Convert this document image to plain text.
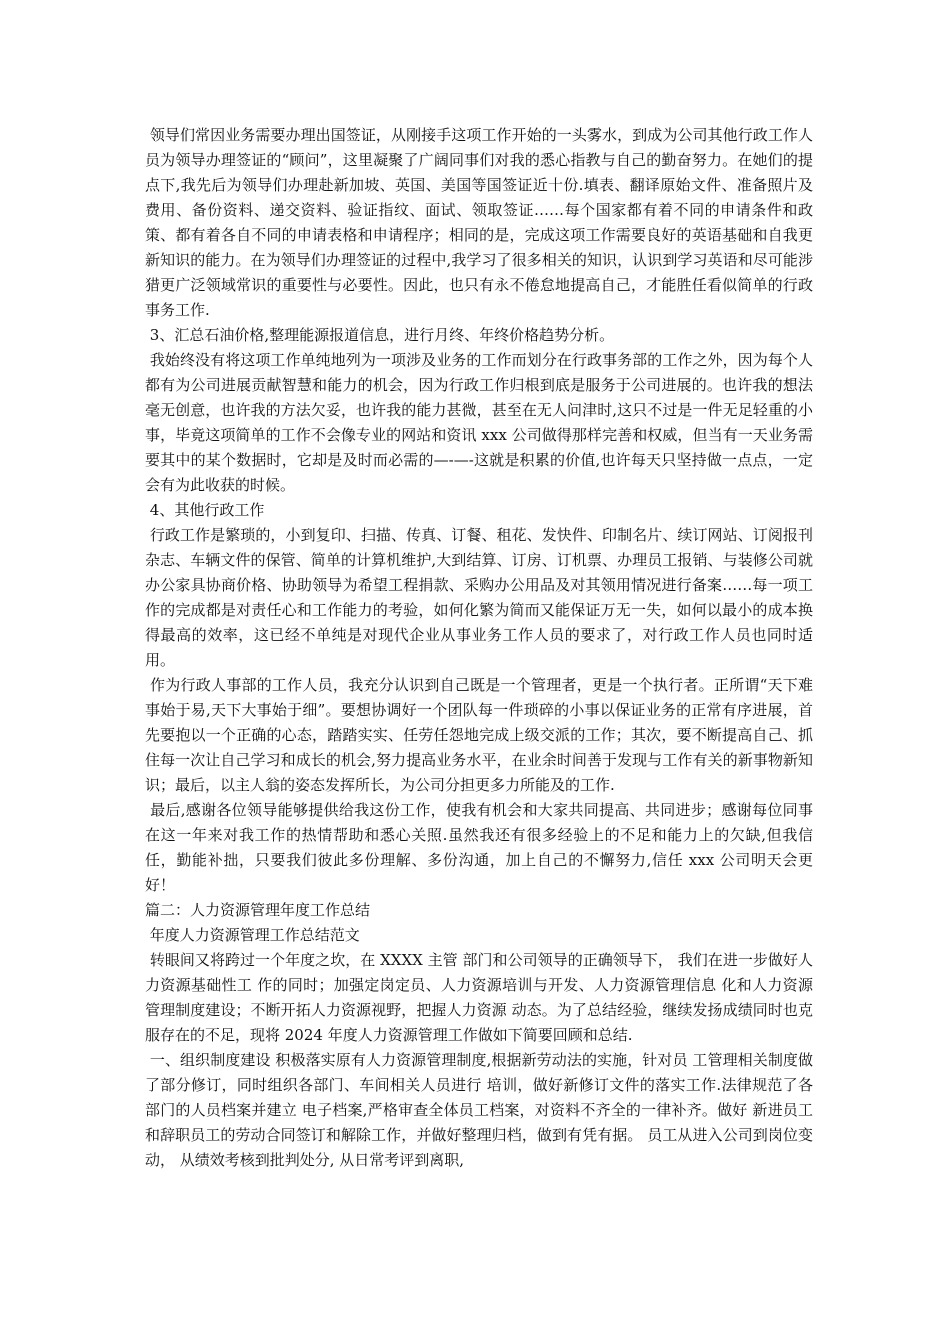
领导们常因业务需要办理出国签证，从刚接手这项工作开始的一头雾水，到成为公司其他行政工作人员为领导办理签证的“顾问”，这里凝聚了广阔同事们对我的悉心指教与自己的勤奋努力。在她们的提点下,我先后为领导们办理赴新加坡、英国、美国等国签证近十份.填表、翻译原始文件、准备照片及费用、备份资料、递交资料、验证指纹、面试、领取签证……每个国家都有着不同的申请条件和政策、都有着各自不同的申请表格和申请程序；相同的是，完成这项工作需要良好的英语基础和自我更新知识的能力。在为领导们办理签证的过程中,我学习了很多相关的知识，认识到学习英语和尽可能涉猎更广泛领域常识的重要性与必要性。因此，也只有永不倦怠地提高自己，才能胜任看似简单的行政事务工作.

3、汇总石油价格,整理能源报道信息，进行月终、年终价格趋势分析。

我始终没有将这项工作单纯地列为一项涉及业务的工作而划分在行政事务部的工作之外，因为每个人都有为公司进展贡献智慧和能力的机会，因为行政工作归根到底是服务于公司进展的。也许我的想法毫无创意，也许我的方法欠妥，也许我的能力甚微，甚至在无人问津时,这只不过是一件无足轻重的小事，毕竟这项简单的工作不会像专业的网站和资讯 xxx 公司做得那样完善和权威，但当有一天业务需要其中的某个数据时，它却是及时而必需的—-—-这就是积累的价值,也许每天只坚持做一点点，一定会有为此收获的时候。

4、其他行政工作

行政工作是繁琐的，小到复印、扫描、传真、订餐、租花、发快件、印制名片、续订网站、订阅报刊杂志、车辆文件的保管、简单的计算机维护,大到结算、订房、订机票、办理员工报销、与装修公司就办公家具协商价格、协助领导为希望工程捐款、采购办公用品及对其领用情况进行备案……每一项工作的完成都是对责任心和工作能力的考验，如何化繁为简而又能保证万无一失，如何以最小的成本换得最高的效率，这已经不单纯是对现代企业从事业务工作人员的要求了，对行政工作人员也同时适用。

作为行政人事部的工作人员，我充分认识到自己既是一个管理者，更是一个执行者。正所谓“天下难事始于易,天下大事始于细”。要想协调好一个团队每一件琐碎的小事以保证业务的正常有序进展，首先要抱以一个正确的心态，踏踏实实、任劳任怨地完成上级交派的工作；其次，要不断提高自己、抓住每一次让自己学习和成长的机会,努力提高业务水平，在业余时间善于发现与工作有关的新事物新知识；最后，以主人翁的姿态发挥所长，为公司分担更多力所能及的工作.

最后,感谢各位领导能够提供给我这份工作，使我有机会和大家共同提高、共同进步；感谢每位同事在这一年来对我工作的热情帮助和悉心关照.虽然我还有很多经验上的不足和能力上的欠缺,但我信任，勤能补拙，只要我们彼此多份理解、多份沟通，加上自己的不懈努力,信任 xxx 公司明天会更好！

篇二：人力资源管理年度工作总结

年度人力资源管理工作总结范文

转眼间又将跨过一个年度之坎，在 XXXX 主管 部门和公司领导的正确领导下， 我们在进一步做好人力资源基础性工 作的同时；加强定岗定员、人力资源培训与开发、人力资源管理信息 化和人力资源管理制度建设；不断开拓人力资源视野，把握人力资源 动态。为了总结经验，继续发扬成绩同时也克服存在的不足，现将 2024 年度人力资源管理工作做如下简要回顾和总结.

一、组织制度建设 积极落实原有人力资源管理制度,根据新劳动法的实施，针对员 工管理相关制度做了部分修订，同时组织各部门、车间相关人员进行 培训，做好新修订文件的落实工作.法律规范了各部门的人员档案并建立 电子档案,严格审查全体员工档案，对资料不齐全的一律补齐。做好 新进员工和辞职员工的劳动合同签订和解除工作，并做好整理归档，做到有凭有据。 员工从进入公司到岗位变动， 从绩效考核到批判处分, 从日常考评到离职,
